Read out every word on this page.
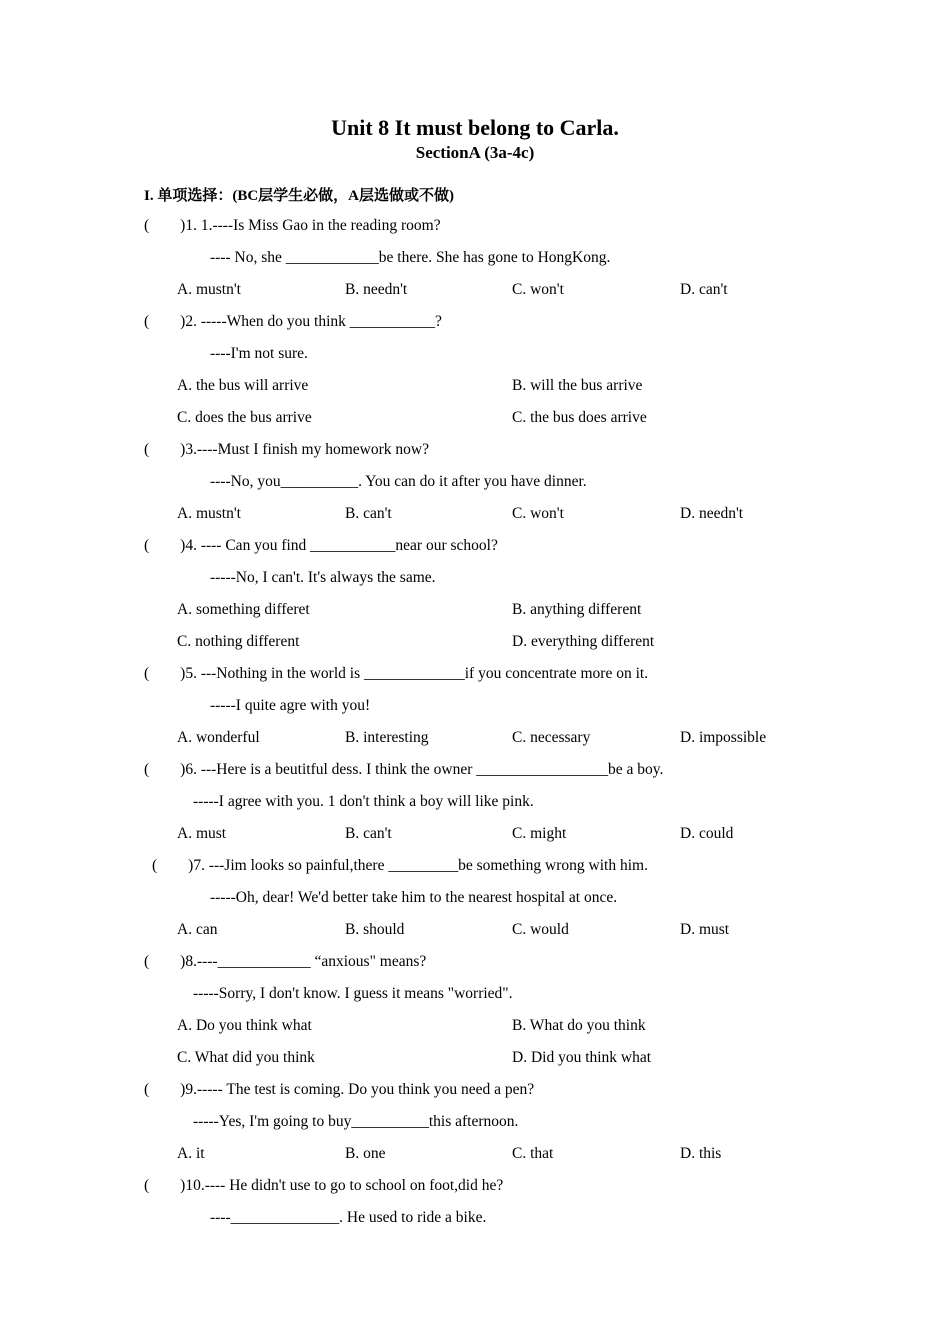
Unit 8 It must belong to Carla.
SectionA (3a-4c)
I. 单项选择：(BC层学生必做，A层选做或不做)
(        )1. 1.----Is Miss Gao in the reading room?
---- No, she ____________be there. She has gone to HongKong.
A. mustn't	B. needn't	C. won't	D. can't
(        )2. -----When do you think ___________?
----I'm not sure.
A. the bus will arrive	B. will the bus arrive
C. does the bus arrive	C. the bus does arrive
(        )3.----Must I finish my homework now?
----No, you__________. You can do it after you have dinner.
A. mustn't	B. can't	C. won't	D. needn't
(        )4. ---- Can you find ___________near our school?
-----No, I can't. It's always the same.
A. something differet	B. anything different
C. nothing different	D. everything different
(        )5. ---Nothing in the world is _____________if you concentrate more on it.
-----I quite agre with you!
A. wonderful	B. interesting	C. necessary	D. impossible
(        )6. ---Here is a beutitful dess. I think the owner _________________be a boy.
-----I agree with you. 1 don't think a boy will like pink.
A. must	B. can't	C. might	D. could
(        )7. ---Jim looks so painful,there _________be something wrong with him.
-----Oh, dear! We'd better take him to the nearest hospital at once.
A. can	B. should	C. would	D. must
(        )8.----____________ “anxious" means?
-----Sorry, I don't know. I guess it means "worried".
A. Do you think what	B. What do you think
C. What did you think	D. Did you think what
(        )9.----- The test is coming. Do you think you need a pen?
-----Yes, I'm going to buy__________this afternoon.
A. it	B. one	C. that	D. this
(        )10.---- He didn't use to go to school on foot,did he?
----______________. He used to ride a bike.
